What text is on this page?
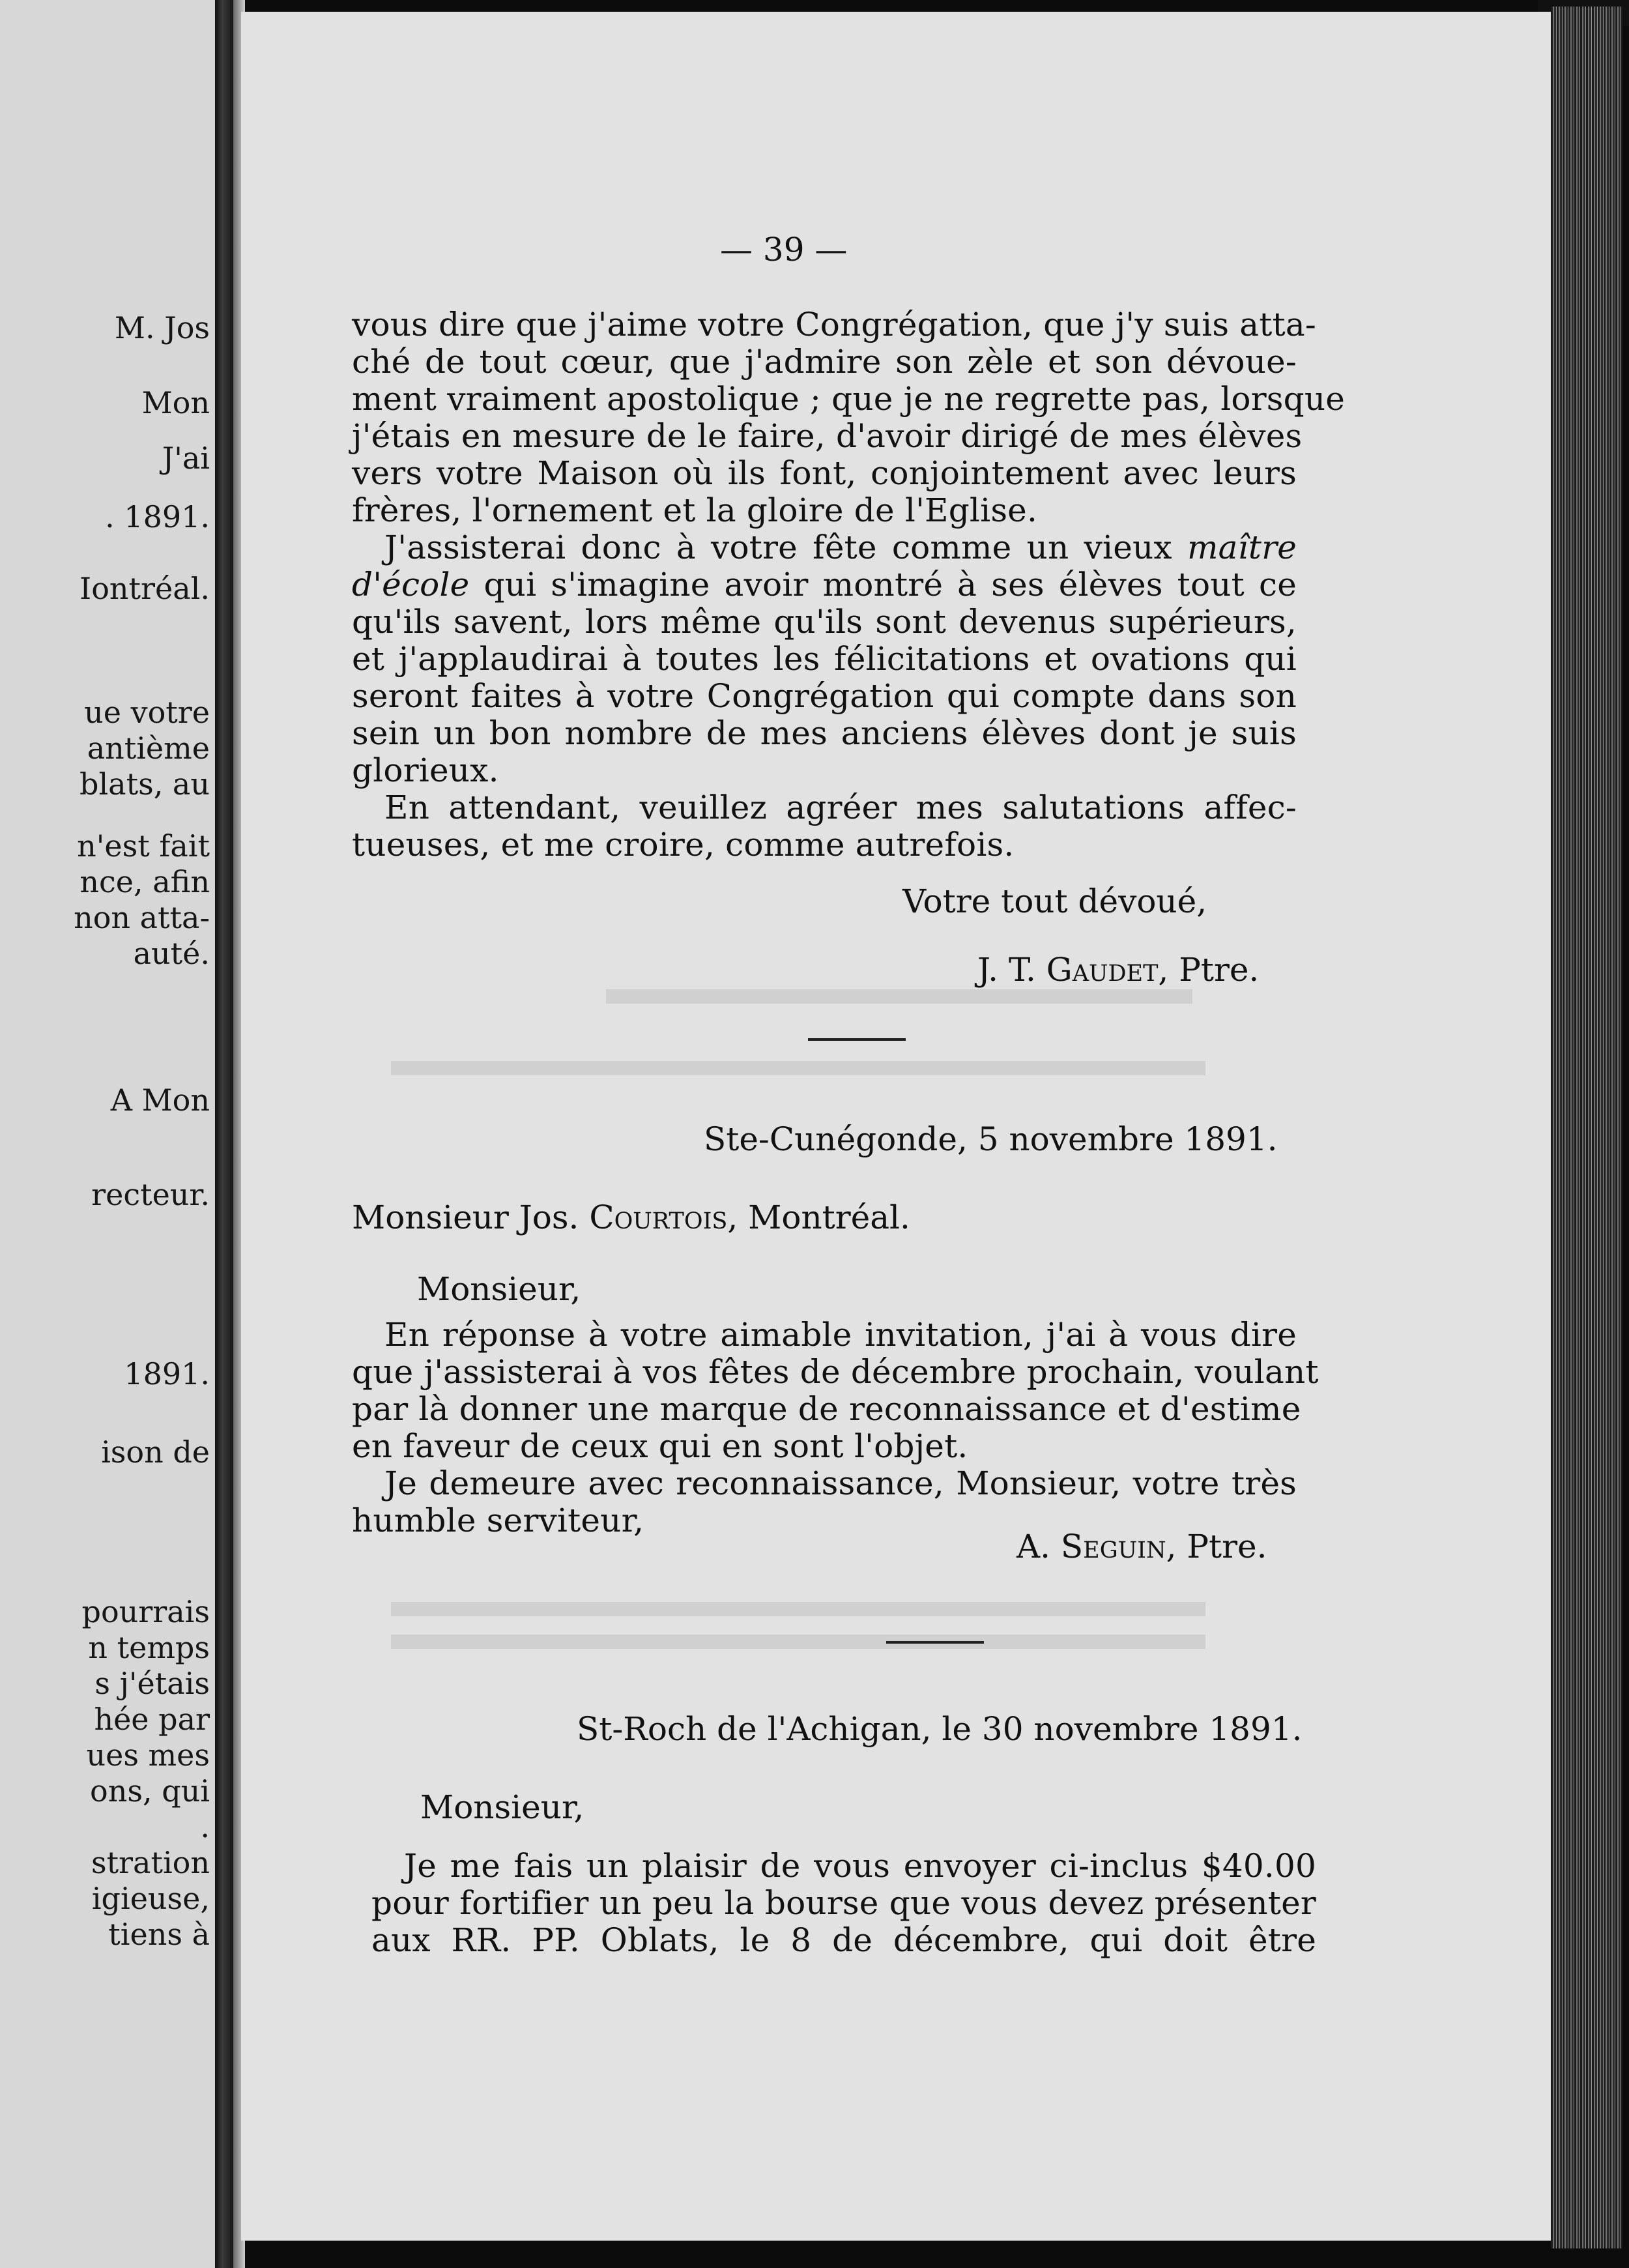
M. Jos
Mon
J'ai
. 1891.
Iontréal.
ue votre
antième
blats, au
n'est fait
nce, afin
non atta-
auté.
A Mon
recteur.
1891.
ison de
pourrais
n temps
s j'étais
hée par
ues mes
ons, qui
.
stration
igieuse,
tiens à
— 39 —
vous dire que j'aime votre Congrégation, que j'y suis atta-
ché de tout cœur, que j'admire son zèle et son dévoue-
ment vraiment apostolique ; que je ne regrette pas, lorsque
j'étais en mesure de le faire, d'avoir dirigé de mes élèves
vers votre Maison où ils font, conjointement avec leurs
frères, l'ornement et la gloire de l'Eglise.
J'assisterai donc à votre fête comme un vieux maître
d'école qui s'imagine avoir montré à ses élèves tout ce
qu'ils savent, lors même qu'ils sont devenus supérieurs,
et j'applaudirai à toutes les félicitations et ovations qui
seront faites à votre Congrégation qui compte dans son
sein un bon nombre de mes anciens élèves dont je suis
glorieux.
En attendant, veuillez agréer mes salutations affec-
tueuses, et me croire, comme autrefois.
Votre tout dévoué,
J. T. Gaudet, Ptre.
Ste-Cunégonde, 5 novembre 1891.
Monsieur Jos. Courtois, Montréal.
Monsieur,
En réponse à votre aimable invitation, j'ai à vous dire
que j'assisterai à vos fêtes de décembre prochain, voulant
par là donner une marque de reconnaissance et d'estime
en faveur de ceux qui en sont l'objet.
Je demeure avec reconnaissance, Monsieur, votre très
humble serviteur,
A. Seguin, Ptre.
St-Roch de l'Achigan, le 30 novembre 1891.
Monsieur,
Je me fais un plaisir de vous envoyer ci-inclus $40.00
pour fortifier un peu la bourse que vous devez présenter
aux RR. PP. Oblats, le 8 de décembre, qui doit être
